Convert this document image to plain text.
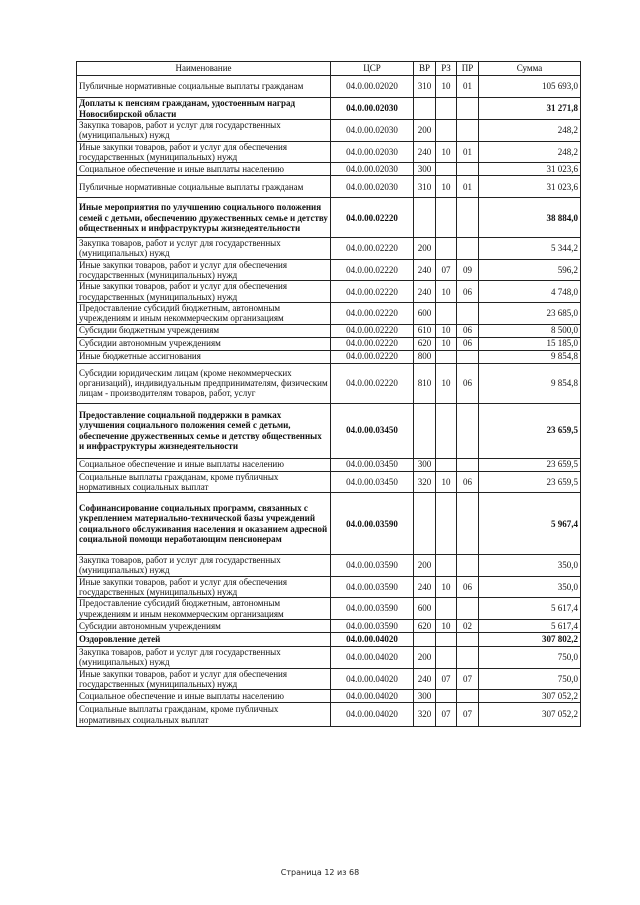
Наименование	ЦСР	ВР	РЗ	ПР	Сумма
Публичные нормативные социальные выплаты гражданам	04.0.00.02020	310	10	01	105 693,0
Доплаты к пенсиям гражданам, удостоенным наград Новосибирской области	04.0.00.02030				31 271,8
Закупка товаров, работ и услуг для государственных (муниципальных) нужд	04.0.00.02030	200			248,2
Иные закупки товаров, работ и услуг для обеспечения государственных (муниципальных) нужд	04.0.00.02030	240	10	01	248,2
Социальное обеспечение и иные выплаты населению	04.0.00.02030	300			31 023,6
Публичные нормативные социальные выплаты гражданам	04.0.00.02030	310	10	01	31 023,6
Иные мероприятия по улучшению социального положения семей с детьми, обеспечению дружественных семье и детству общественных и инфраструктуры жизнедеятельности	04.0.00.02220				38 884,0
Закупка товаров, работ и услуг для государственных (муниципальных) нужд	04.0.00.02220	200			5 344,2
Иные закупки товаров, работ и услуг для обеспечения государственных (муниципальных) нужд	04.0.00.02220	240	07	09	596,2
Иные закупки товаров, работ и услуг для обеспечения государственных (муниципальных) нужд	04.0.00.02220	240	10	06	4 748,0
Предоставление субсидий бюджетным, автономным учреждениям и иным некоммерческим организациям	04.0.00.02220	600			23 685,0
Субсидии бюджетным учреждениям	04.0.00.02220	610	10	06	8 500,0
Субсидии автономным учреждениям	04.0.00.02220	620	10	06	15 185,0
Иные бюджетные ассигнования	04.0.00.02220	800			9 854,8
Субсидии юридическим лицам (кроме некоммерческих организаций), индивидуальным предпринимателям, физическим лицам - производителям товаров, работ, услуг	04.0.00.02220	810	10	06	9 854,8
Предоставление социальной поддержки в рамках улучшения социального положения семей с детьми, обеспечение дружественных семье и детству общественных и инфраструктуры жизнедеятельности	04.0.00.03450				23 659,5
Социальное обеспечение и иные выплаты населению	04.0.00.03450	300			23 659,5
Социальные выплаты гражданам, кроме публичных нормативных социальных выплат	04.0.00.03450	320	10	06	23 659,5
Софинансирование социальных программ, связанных с укреплением материально-технической базы учреждений социального обслуживания населения и оказанием адресной социальной помощи неработающим пенсионерам	04.0.00.03590				5 967,4
Закупка товаров, работ и услуг для государственных (муниципальных) нужд	04.0.00.03590	200			350,0
Иные закупки товаров, работ и услуг для обеспечения государственных (муниципальных) нужд	04.0.00.03590	240	10	06	350,0
Предоставление субсидий бюджетным, автономным учреждениям и иным некоммерческим организациям	04.0.00.03590	600			5 617,4
Субсидии автономным учреждениям	04.0.00.03590	620	10	02	5 617,4
Оздоровление детей	04.0.00.04020				307 802,2
Закупка товаров, работ и услуг для государственных (муниципальных) нужд	04.0.00.04020	200			750,0
Иные закупки товаров, работ и услуг для обеспечения государственных (муниципальных) нужд	04.0.00.04020	240	07	07	750,0
Социальное обеспечение и иные выплаты населению	04.0.00.04020	300			307 052,2
Социальные выплаты гражданам, кроме публичных нормативных социальных выплат	04.0.00.04020	320	07	07	307 052,2
Страница 12 из 68
